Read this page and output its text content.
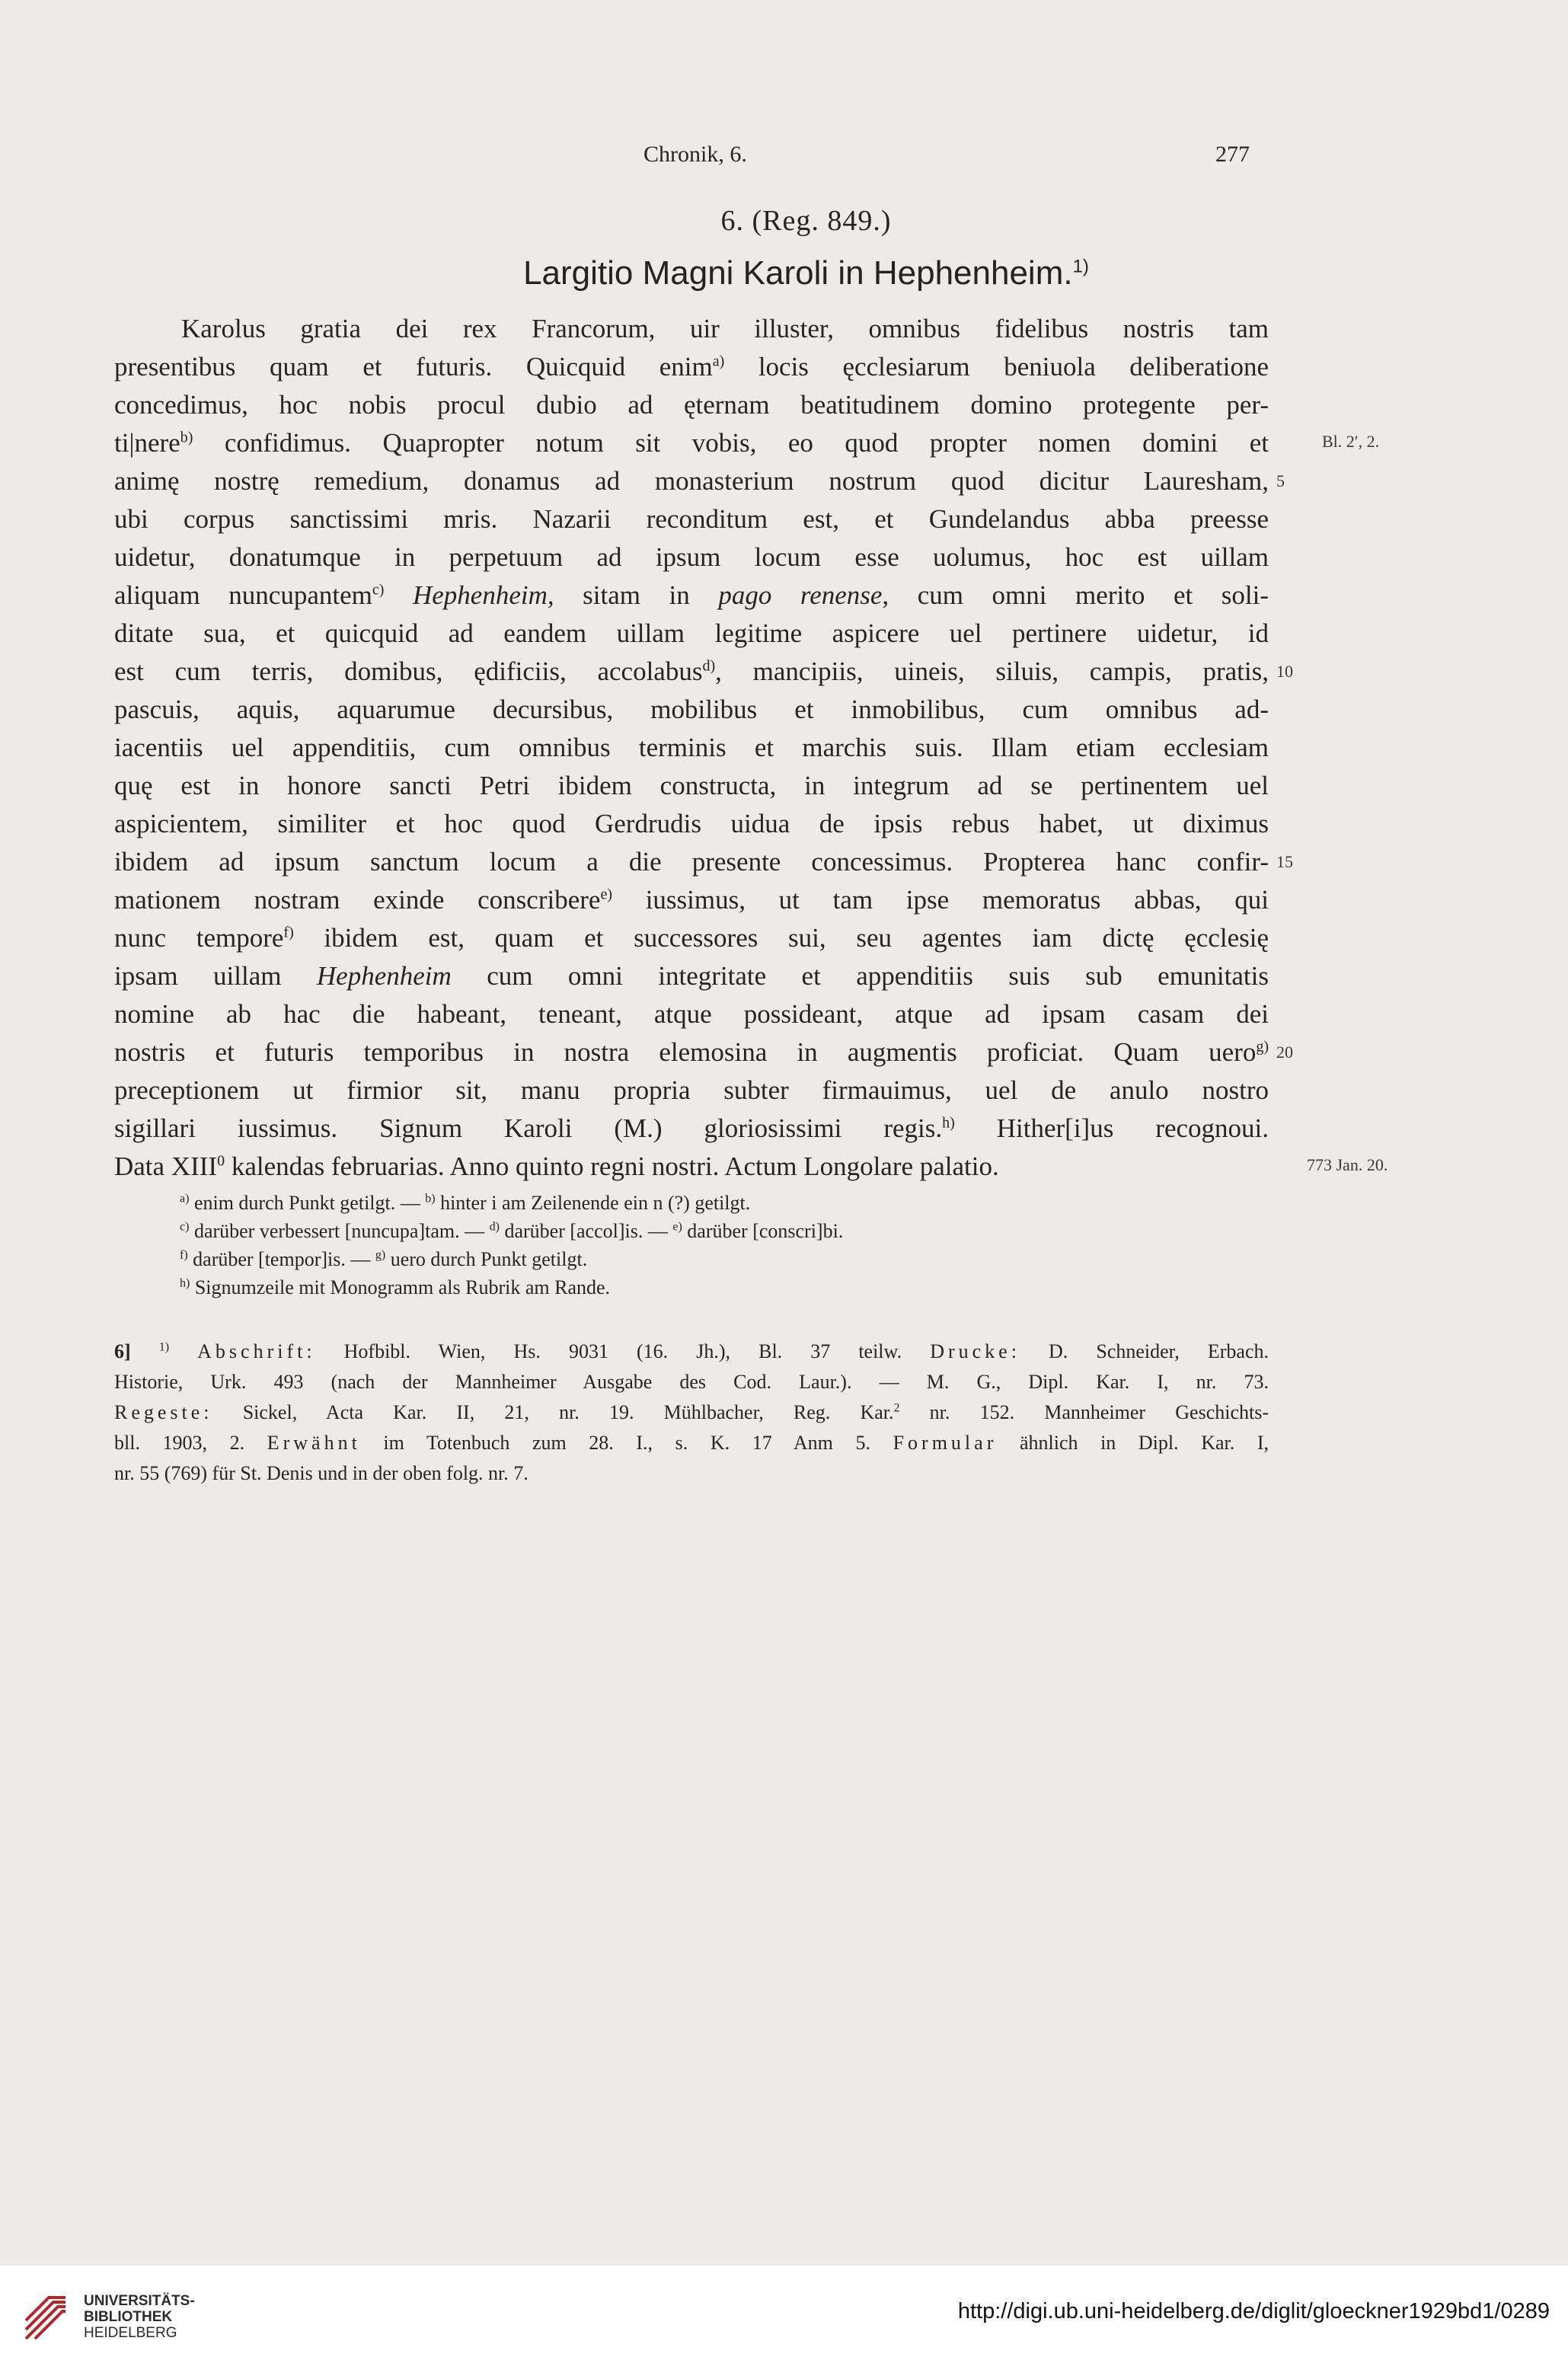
Chronik, 6.	277
6. (Reg. 849.)
Largitio Magni Karoli in Hephenheim.$^{1)}$
Karolus gratia dei rex Francorum, uir illuster, omnibus fidelibus nostris tam
presentibus quam et futuris. Quicquid enim$^{a)}$ locis ęcclesiarum beniuola deliberatione
concedimus, hoc nobis procul dubio ad ęternam beatitudinem domino protegente per-
ti|nere$^{b)}$ confidimus. Quapropter notum sit vobis, eo quod propter nomen domini et
animę nostrę remedium, donamus ad monasterium nostrum quod dicitur Lauresham,
ubi corpus sanctissimi mris. Nazarii reconditum est, et Gundelandus abba preesse
uidetur, donatumque in perpetuum ad ipsum locum esse uolumus, hoc est uillam
aliquam nuncupantem$^{c)}$ Hephenheim, sitam in pago renense, cum omni merito et soli-
ditate sua, et quicquid ad eandem uillam legitime aspicere uel pertinere uidetur, id
est cum terris, domibus, ędificiis, accolabus$^{d)}$, mancipiis, uineis, siluis, campis, pratis,
pascuis, aquis, aquarumue decursibus, mobilibus et inmobilibus, cum omnibus ad-
iacentiis uel appenditiis, cum omnibus terminis et marchis suis. Illam etiam ecclesiam
quę est in honore sancti Petri ibidem constructa, in integrum ad se pertinentem uel
aspicientem, similiter et hoc quod Gerdrudis uidua de ipsis rebus habet, ut diximus
ibidem ad ipsum sanctum locum a die presente concessimus. Propterea hanc confir-
mationem nostram exinde conscribere$^{e)}$ iussimus, ut tam ipse memoratus abbas, qui
nunc tempore$^{f)}$ ibidem est, quam et successores sui, seu agentes iam dictę ęcclesię
ipsam uillam Hephenheim cum omni integritate et appenditiis suis sub emunitatis
nomine ab hac die habeant, teneant, atque possideant, atque ad ipsam casam dei
nostris et futuris temporibus in nostra elemosina in augmentis proficiat. Quam uero$^{g)}$
preceptionem ut firmior sit, manu propria subter firmauimus, uel de anulo nostro
sigillari iussimus. Signum Karoli (M.) gloriosissimi regis.$^{h)}$ Hither[i]us recognoui.
Data XIII$^0$ kalendas februarias. Anno quinto regni nostri. Actum Longolare palatio.
Bl. 2′, 2.
773 Jan. 20.
5
10
15
20
$^{a)}$ enim durch Punkt getilgt. — $^{b)}$ hinter i am Zeilenende ein n (?) getilgt.
$^{c)}$ darüber verbessert [nuncupa]tam. — $^{d)}$ darüber [accol]is. — $^{e)}$ darüber [conscri]bi.
$^{f)}$ darüber [tempor]is. — $^{g)}$ uero durch Punkt getilgt.
$^{h)}$ Signumzeile mit Monogramm als Rubrik am Rande.
6] $^{1)}$ Abschrift: Hofbibl. Wien, Hs. 9031 (16. Jh.), Bl. 37 teilw. Drucke: D. Schneider, Erbach.
Historie, Urk. 493 (nach der Mannheimer Ausgabe des Cod. Laur.). — M. G., Dipl. Kar. I, nr. 73.
Regeste: Sickel, Acta Kar. II, 21, nr. 19. Mühlbacher, Reg. Kar.$^2$ nr. 152. Mannheimer Geschichts-
bll. 1903, 2. Erwähnt im Totenbuch zum 28. I., s. K. 17 Anm 5. Formular ähnlich in Dipl. Kar. I,
nr. 55 (769) für St. Denis und in der oben folg. nr. 7.
UNIVERSITÄTS-
BIBLIOTHEK
HEIDELBERG
http://digi.ub.uni-heidelberg.de/diglit/gloeckner1929bd1/0289
